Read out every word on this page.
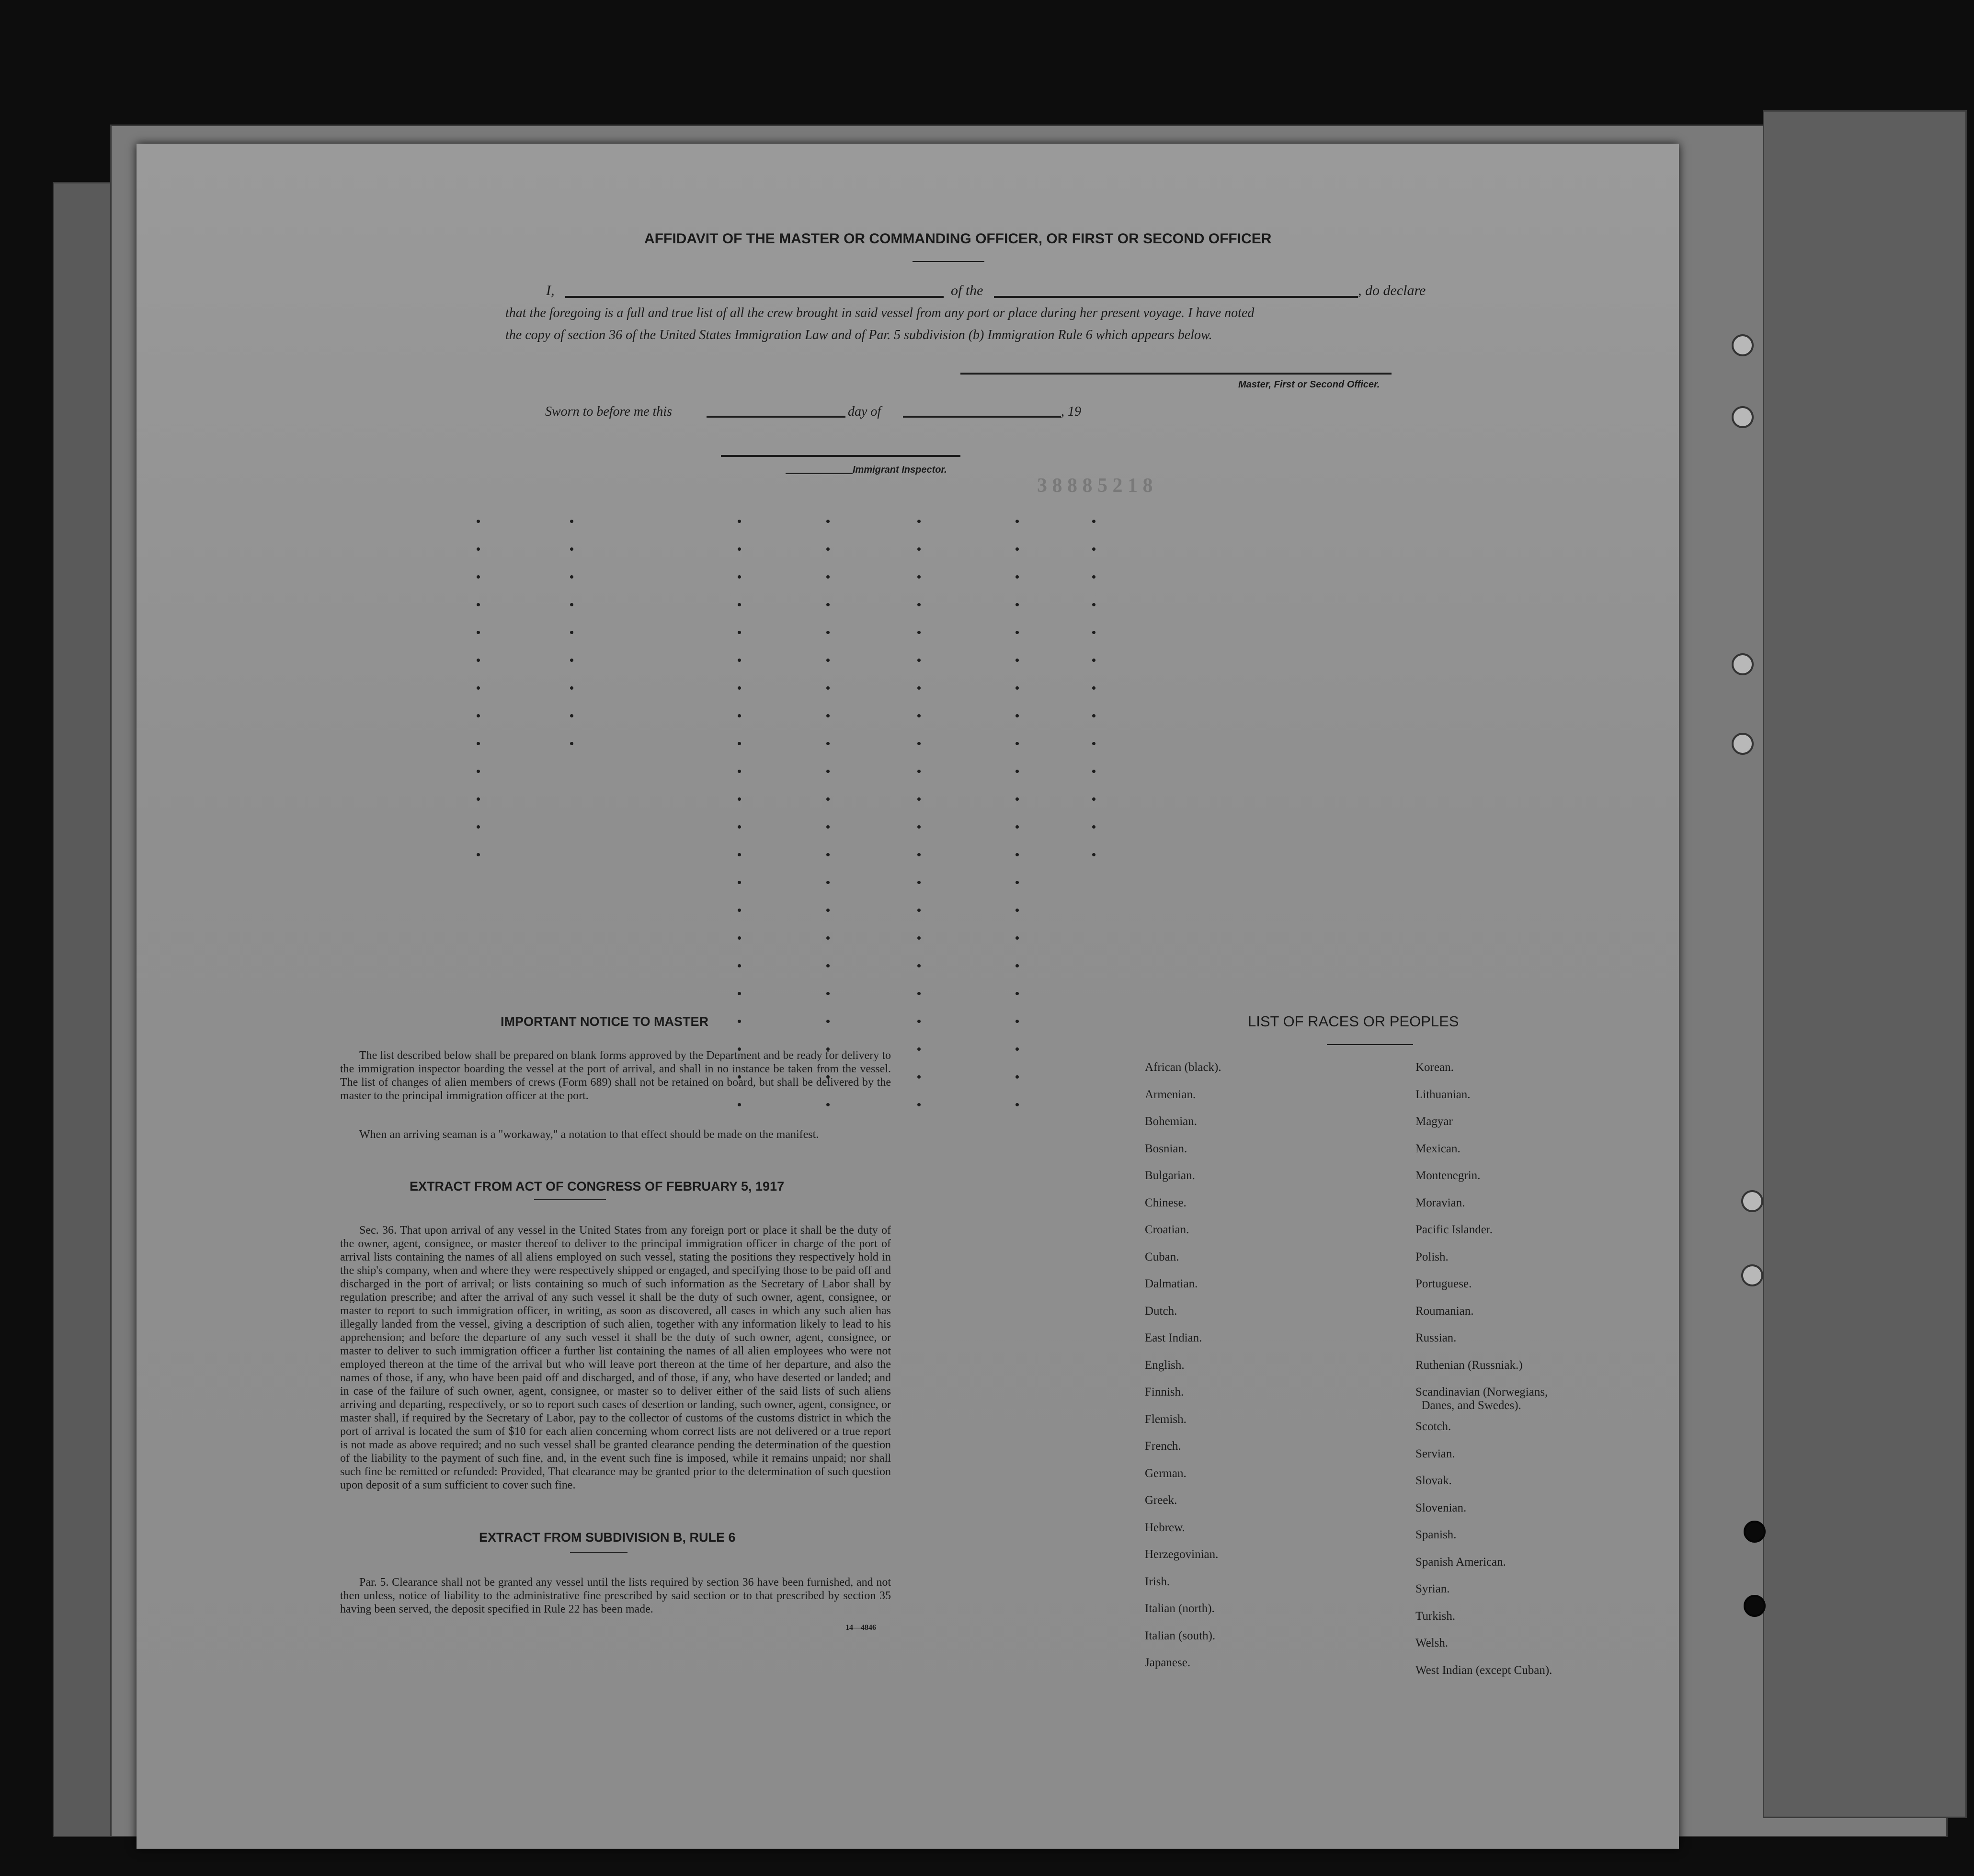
AFFIDAVIT OF THE MASTER OR COMMANDING OFFICER, OR FIRST OR SECOND OFFICER
I,	of the	, do declare
that the foregoing is a full and true list of all the crew brought in said vessel from any port or place during her present voyage. I have noted
the copy of section 36 of the United States Immigration Law and of Par. 5 subdivision (b) Immigration Rule 6 which appears below.
Master, First or Second Officer.
Sworn to before me this	day of	, 19
Immigrant Inspector.
3 8 8 8 5 2 1 8
IMPORTANT NOTICE TO MASTER
The list described below shall be prepared on blank forms approved by the Department and be ready for delivery to the immigration inspector boarding the vessel at the port of arrival, and shall in no instance be taken from the vessel. The list of changes of alien members of crews (Form 689) shall not be retained on board, but shall be delivered by the master to the principal immigration officer at the port.
When an arriving seaman is a "workaway," a notation to that effect should be made on the manifest.
EXTRACT FROM ACT OF CONGRESS OF FEBRUARY 5, 1917
Sec. 36. That upon arrival of any vessel in the United States from any foreign port or place it shall be the duty of the owner, agent, consignee, or master thereof to deliver to the principal immigration officer in charge of the port of arrival lists containing the names of all aliens employed on such vessel, stating the positions they respectively hold in the ship's company, when and where they were respectively shipped or engaged, and specifying those to be paid off and discharged in the port of arrival; or lists containing so much of such information as the Secretary of Labor shall by regulation prescribe; and after the arrival of any such vessel it shall be the duty of such owner, agent, consignee, or master to report to such immigration officer, in writing, as soon as discovered, all cases in which any such alien has illegally landed from the vessel, giving a description of such alien, together with any information likely to lead to his apprehension; and before the departure of any such vessel it shall be the duty of such owner, agent, consignee, or master to deliver to such immigration officer a further list containing the names of all alien employees who were not employed thereon at the time of the arrival but who will leave port thereon at the time of her departure, and also the names of those, if any, who have been paid off and discharged, and of those, if any, who have deserted or landed; and in case of the failure of such owner, agent, consignee, or master so to deliver either of the said lists of such aliens arriving and departing, respectively, or so to report such cases of desertion or landing, such owner, agent, consignee, or master shall, if required by the Secretary of Labor, pay to the collector of customs of the customs district in which the port of arrival is located the sum of $10 for each alien concerning whom correct lists are not delivered or a true report is not made as above required; and no such vessel shall be granted clearance pending the determination of the question of the liability to the payment of such fine, and, in the event such fine is imposed, while it remains unpaid; nor shall such fine be remitted or refunded: Provided, That clearance may be granted prior to the determination of such question upon deposit of a sum sufficient to cover such fine.
EXTRACT FROM SUBDIVISION B, RULE 6
Par. 5. Clearance shall not be granted any vessel until the lists required by section 36 have been furnished, and not then unless, notice of liability to the administrative fine prescribed by said section or to that prescribed by section 35 having been served, the deposit specified in Rule 22 has been made.
14—4846
LIST OF RACES OR PEOPLES
African (black).
Armenian.
Bohemian.
Bosnian.
Bulgarian.
Chinese.
Croatian.
Cuban.
Dalmatian.
Dutch.
East Indian.
English.
Finnish.
Flemish.
French.
German.
Greek.
Hebrew.
Herzegovinian.
Irish.
Italian (north).
Italian (south).
Japanese.
Korean.
Lithuanian.
Magyar
Mexican.
Montenegrin.
Moravian.
Pacific Islander.
Polish.
Portuguese.
Roumanian.
Russian.
Ruthenian (Russniak.)
Scandinavian (Norwegians,
Danes, and Swedes).
Scotch.
Servian.
Slovak.
Slovenian.
Spanish.
Spanish American.
Syrian.
Turkish.
Welsh.
West Indian (except Cuban).
